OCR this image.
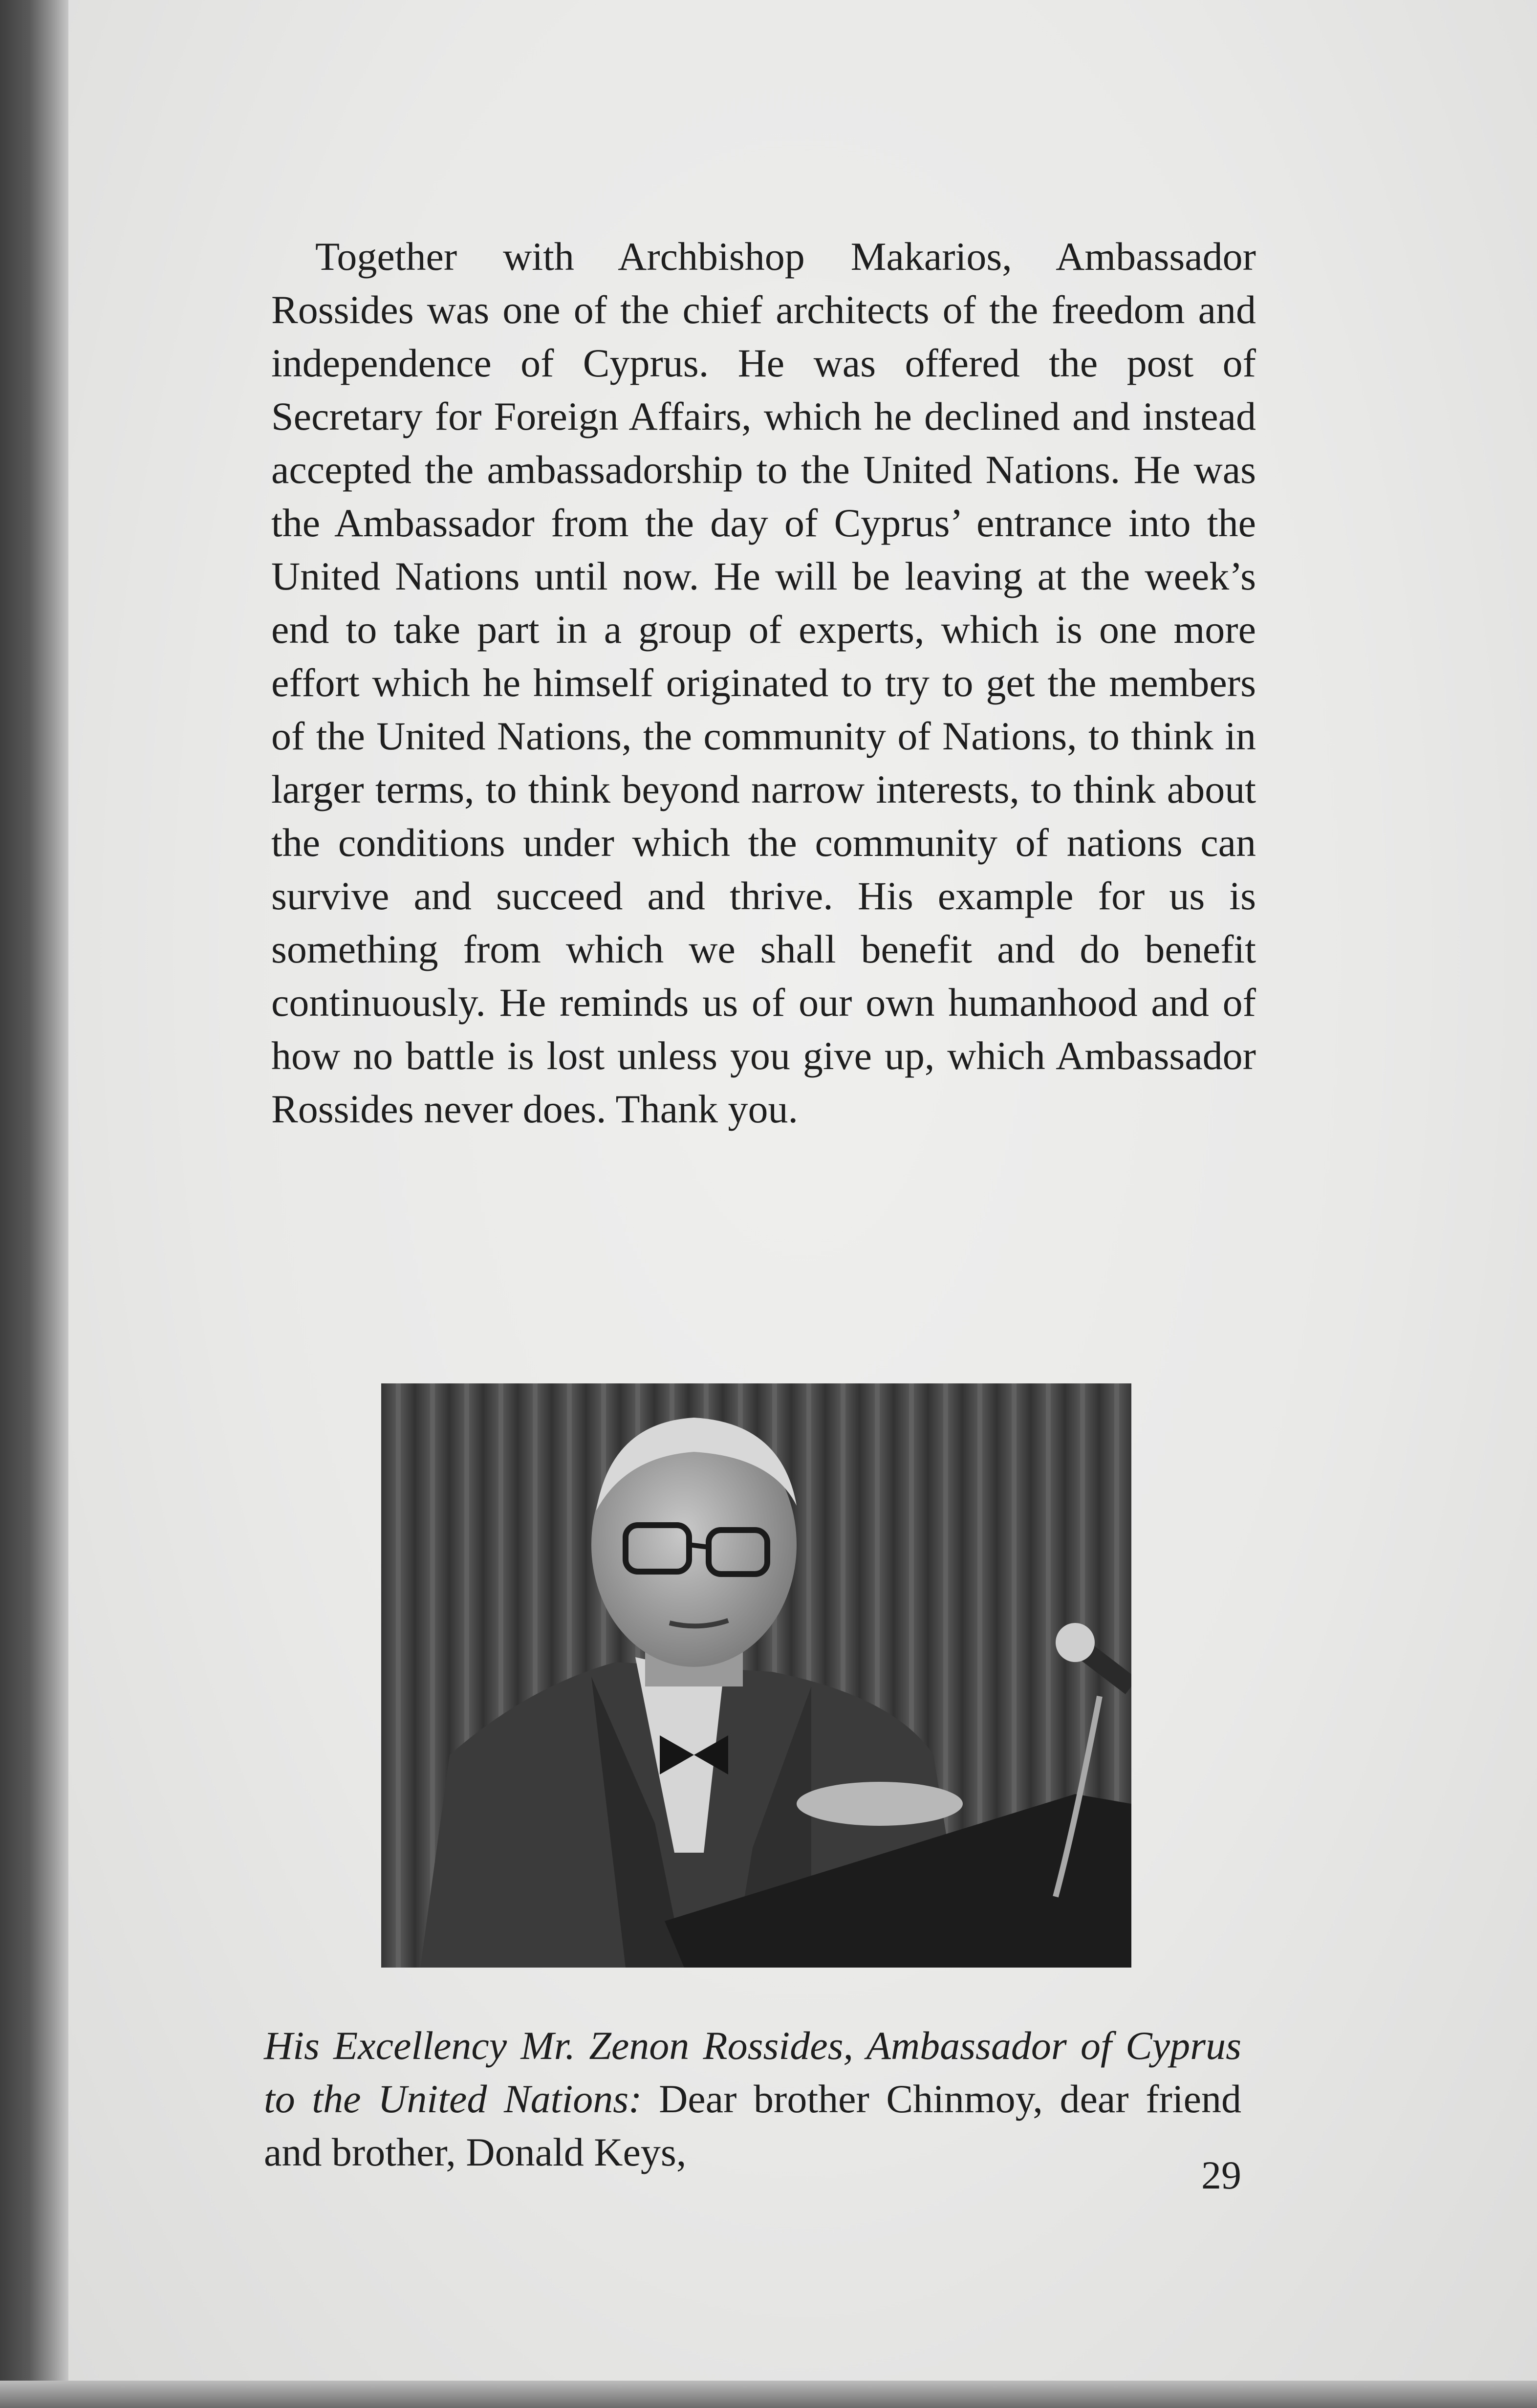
Together with Archbishop Makarios, Ambassador Rossides was one of the chief architects of the freedom and independence of Cyprus. He was offered the post of Secretary for Foreign Affairs, which he declined and instead accepted the ambassadorship to the United Nations. He was the Ambassador from the day of Cyprus’ entrance into the United Nations until now. He will be leaving at the week’s end to take part in a group of experts, which is one more effort which he himself originated to try to get the members of the United Nations, the community of Nations, to think in larger terms, to think beyond narrow interests, to think about the conditions under which the community of nations can survive and succeed and thrive. His example for us is something from which we shall benefit and do benefit continuously. He reminds us of our own humanhood and of how no battle is lost unless you give up, which Ambassador Rossides never does. Thank you.

His Excellency Mr. Zenon Rossides, Ambassador of Cyprus to the United Nations: Dear brother Chinmoy, dear friend and brother, Donald Keys,

29
